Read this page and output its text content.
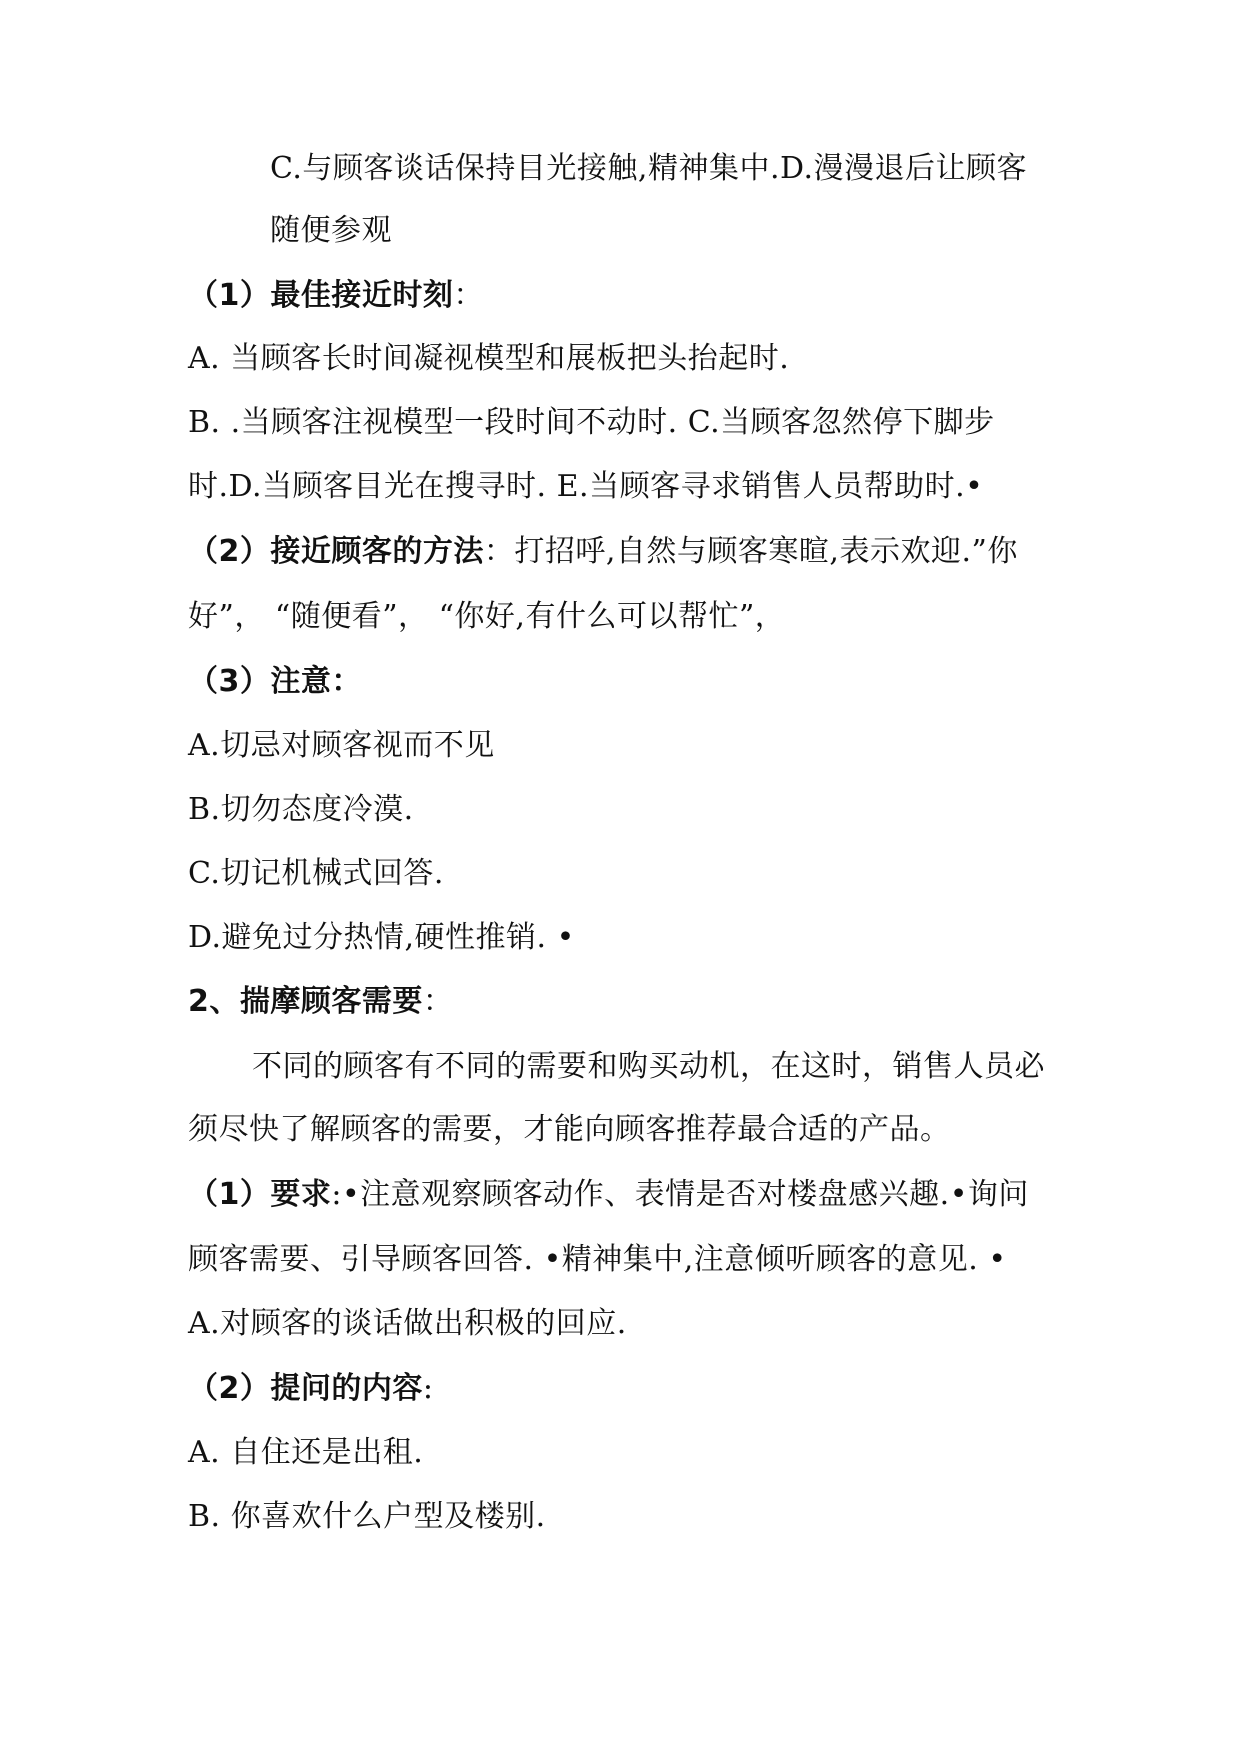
C.与顾客谈话保持目光接触,精神集中.D.漫漫退后让顾客
随便参观
（1）最佳接近时刻：
A. 当顾客长时间凝视模型和展板把头抬起时.
B. .当顾客注视模型一段时间不动时. C.当顾客忽然停下脚步
时.D.当顾客目光在搜寻时. E.当顾客寻求销售人员帮助时.•
（2）接近顾客的方法：打招呼,自然与顾客寒暄,表示欢迎.”你
好”， “随便看”， “你好,有什么可以帮忙”，
（3）注意：
A.切忌对顾客视而不见
B.切勿态度冷漠.
C.切记机械式回答.
D.避免过分热情,硬性推销. •
2、揣摩顾客需要：
不同的顾客有不同的需要和购买动机，在这时，销售人员必
须尽快了解顾客的需要，才能向顾客推荐最合适的产品。
（1）要求:•注意观察顾客动作、表情是否对楼盘感兴趣.•询问
顾客需要、引导顾客回答. •精神集中,注意倾听顾客的意见. •
A.对顾客的谈话做出积极的回应.
（2）提问的内容:
A. 自住还是出租.
B. 你喜欢什么户型及楼别.
